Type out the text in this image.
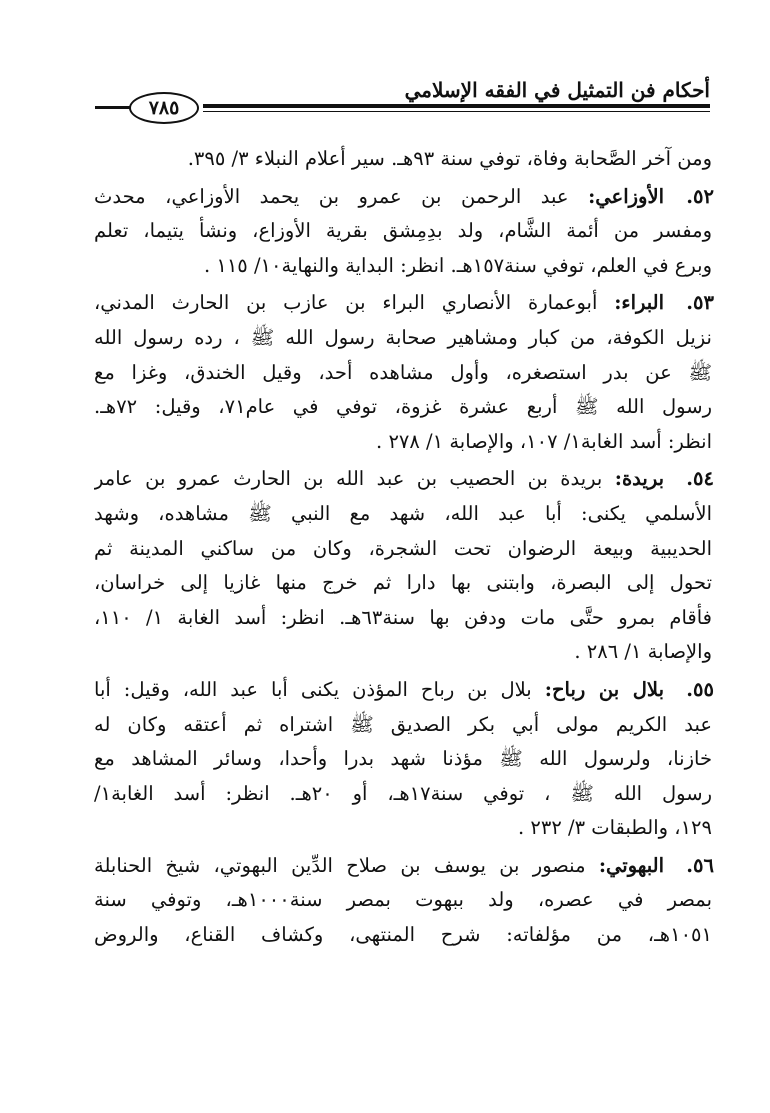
أحكام فن التمثيل في الفقه الإسلامي
٧٨٥
ومن آخر الصَّحابة وفاة، توفي سنة ٩٣هـ. سير أعلام النبلاء ٣/ ٣٩٥.
٥٢.
الأوزاعي: عبد الرحمن بن عمرو بن يحمد الأوزاعي، محدث
ومفسر من أئمة الشَّام، ولد بدِمِشق بقرية الأوزاع، ونشأ يتيما، تعلم
وبرع في العلم، توفي سنة١٥٧هـ. انظر: البداية والنهاية١٠/ ١١٥ .
٥٣.
البراء: أبوعمارة الأنصاري البراء بن عازب بن الحارث المدني،
نزيل الكوفة، من كبار ومشاهير صحابة رسول الله ﷺ ، رده رسول الله
ﷺ عن بدر استصغره، وأول مشاهده أحد، وقيل الخندق، وغزا مع
رسول الله ﷺ أربع عشرة غزوة، توفي في عام٧١، وقيل: ٧٢هـ.
انظر: أسد الغابة١/ ١٠٧، والإصابة ١/ ٢٧٨ .
٥٤.
بريدة: بريدة بن الحصيب بن عبد الله بن الحارث عمرو بن عامر
الأسلمي يكنى: أبا عبد الله، شهد مع النبي ﷺ مشاهده، وشهد
الحديبية وبيعة الرضوان تحت الشجرة، وكان من ساكني المدينة ثم
تحول إلى البصرة، وابتنى بها دارا ثم خرج منها غازيا إلى خراسان،
فأقام بمرو حتَّى مات ودفن بها سنة٦٣هـ. انظر: أسد الغابة ١/ ١١٠،
والإصابة ١/ ٢٨٦ .
٥٥.
بلال بن رباح: بلال بن رباح المؤذن يكنى أبا عبد الله، وقيل: أبا
عبد الكريم مولى أبي بكر الصديق ﷺ اشتراه ثم أعتقه وكان له
خازنا، ولرسول الله ﷺ مؤذنا شهد بدرا وأحدا، وسائر المشاهد مع
رسول الله ﷺ ، توفي سنة١٧هـ، أو ٢٠هـ. انظر: أسد الغابة١/
١٢٩، والطبقات ٣/ ٢٣٢ .
٥٦.
البهوتي: منصور بن يوسف بن صلاح الدِّين البهوتي، شيخ الحنابلة
بمصر في عصره، ولد ببهوت بمصر سنة١٠٠٠هـ، وتوفي سنة
١٠٥١هـ، من مؤلفاته: شرح المنتهى، وكشاف القناع، والروض
